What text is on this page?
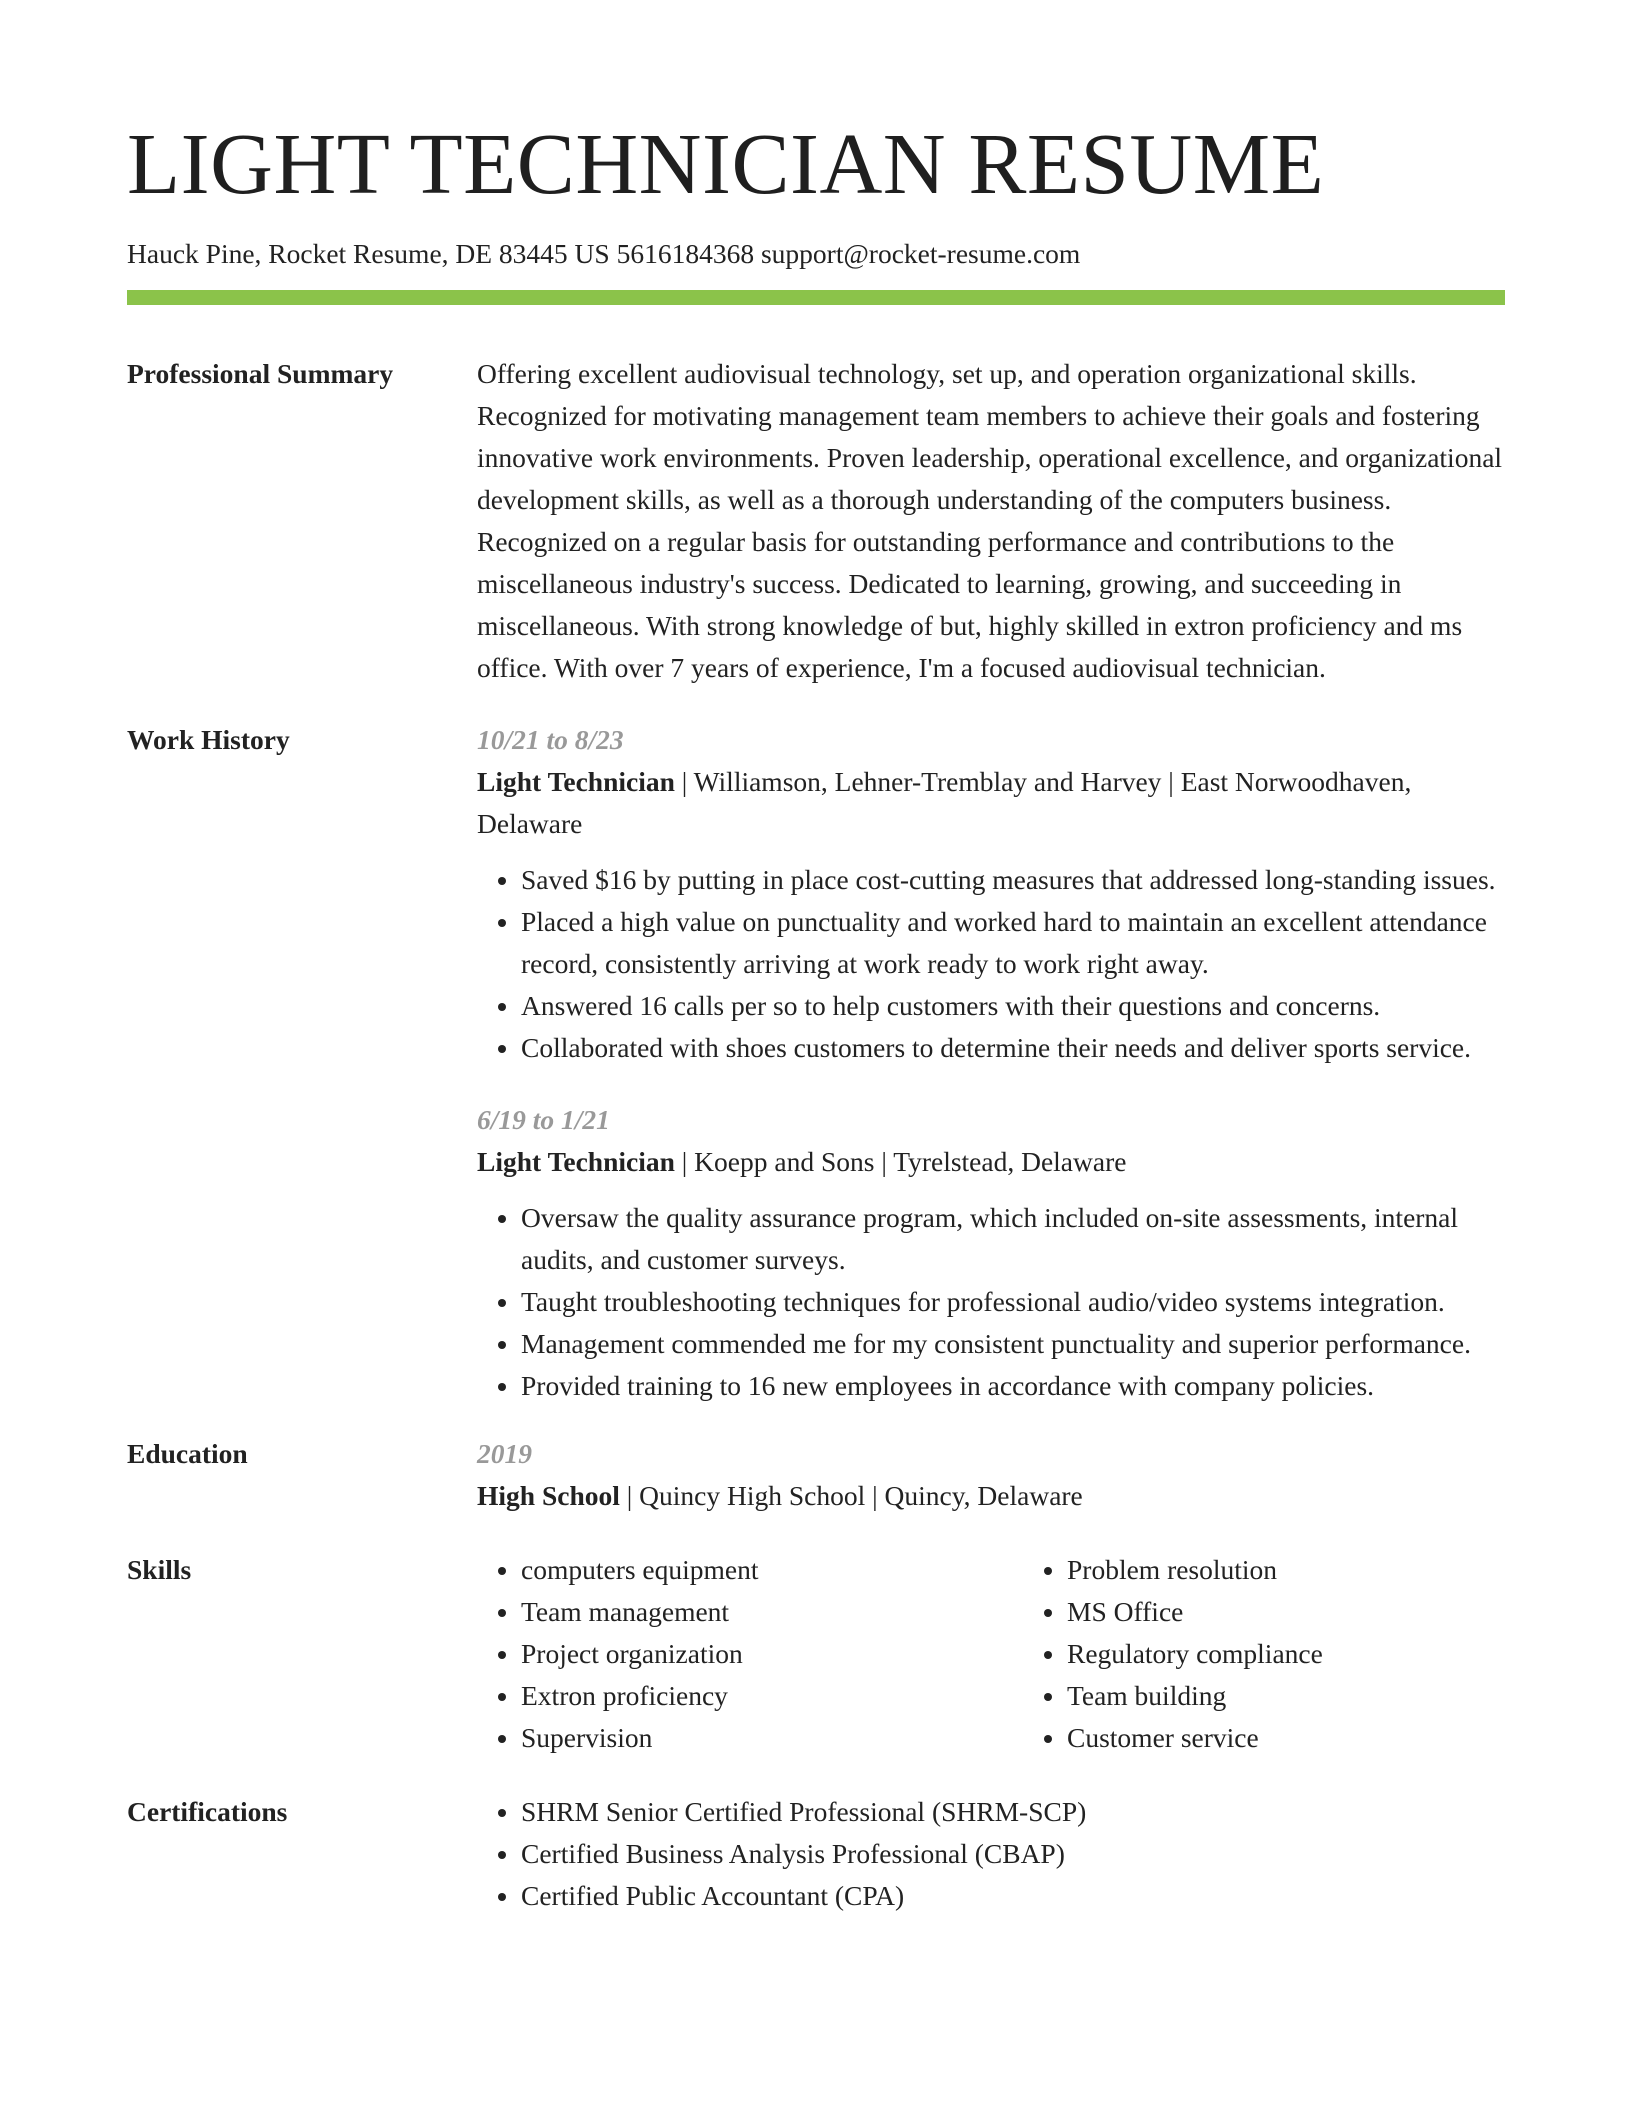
LIGHT TECHNICIAN RESUME
Hauck Pine, Rocket Resume, DE 83445 US 5616184368 support@rocket-resume.com
Professional Summary	Offering excellent audiovisual technology, set up, and operation organizational skills. Recognized for motivating management team members to achieve their goals and fostering innovative work environments. Proven leadership, operational excellence, and organizational development skills, as well as a thorough understanding of the computers business. Recognized on a regular basis for outstanding performance and contributions to the miscellaneous industry's success. Dedicated to learning, growing, and succeeding in miscellaneous. With strong knowledge of but, highly skilled in extron proficiency and ms office. With over 7 years of experience, I'm a focused audiovisual technician.
Work History	10/21 to 8/23
Light Technician | Williamson, Lehner-Tremblay and Harvey | East Norwoodhaven, Delaware
• Saved $16 by putting in place cost-cutting measures that addressed long-standing issues.
• Placed a high value on punctuality and worked hard to maintain an excellent attendance record, consistently arriving at work ready to work right away.
• Answered 16 calls per so to help customers with their questions and concerns.
• Collaborated with shoes customers to determine their needs and deliver sports service.
6/19 to 1/21
Light Technician | Koepp and Sons | Tyrelstead, Delaware
• Oversaw the quality assurance program, which included on-site assessments, internal audits, and customer surveys.
• Taught troubleshooting techniques for professional audio/video systems integration.
• Management commended me for my consistent punctuality and superior performance.
• Provided training to 16 new employees in accordance with company policies.
Education	2019
High School | Quincy High School | Quincy, Delaware
Skills	• computers equipment
• Team management
• Project organization
• Extron proficiency
• Supervision
• Problem resolution
• MS Office
• Regulatory compliance
• Team building
• Customer service
Certifications	• SHRM Senior Certified Professional (SHRM-SCP)
• Certified Business Analysis Professional (CBAP)
• Certified Public Accountant (CPA)
